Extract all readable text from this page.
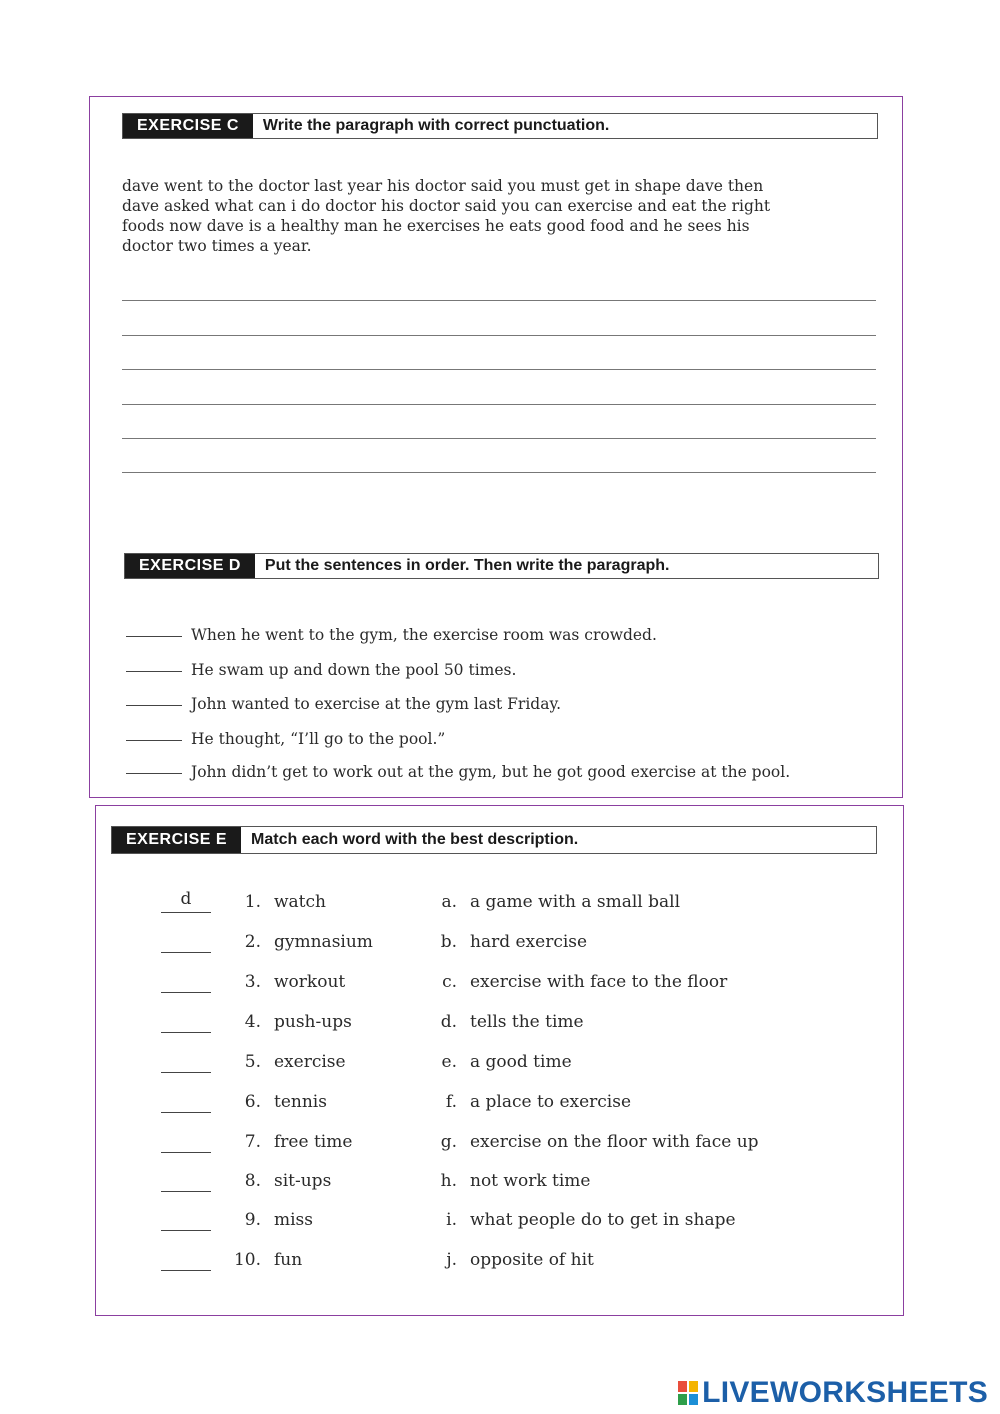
EXERCISE C	Write the paragraph with correct punctuation.
dave went to the doctor last year his doctor said you must get in shape dave then
dave asked what can i do doctor his doctor said you can exercise and eat the right
foods now dave is a healthy man he exercises he eats good food and he sees his
doctor two times a year.
EXERCISE D	Put the sentences in order. Then write the paragraph.
When he went to the gym, the exercise room was crowded.
He swam up and down the pool 50 times.
John wanted to exercise at the gym last Friday.
He thought, “I’ll go to the pool.”
John didn’t get to work out at the gym, but he got good exercise at the pool.
EXERCISE E	Match each word with the best description.
d	1. watch	a. a game with a small ball
2. gymnasium	b. hard exercise
3. workout	c. exercise with face to the floor
4. push-ups	d. tells the time
5. exercise	e. a good time
6. tennis	f. a place to exercise
7. free time	g. exercise on the floor with face up
8. sit-ups	h. not work time
9. miss	i. what people do to get in shape
10. fun	j. opposite of hit
LIVEWORKSHEETS
